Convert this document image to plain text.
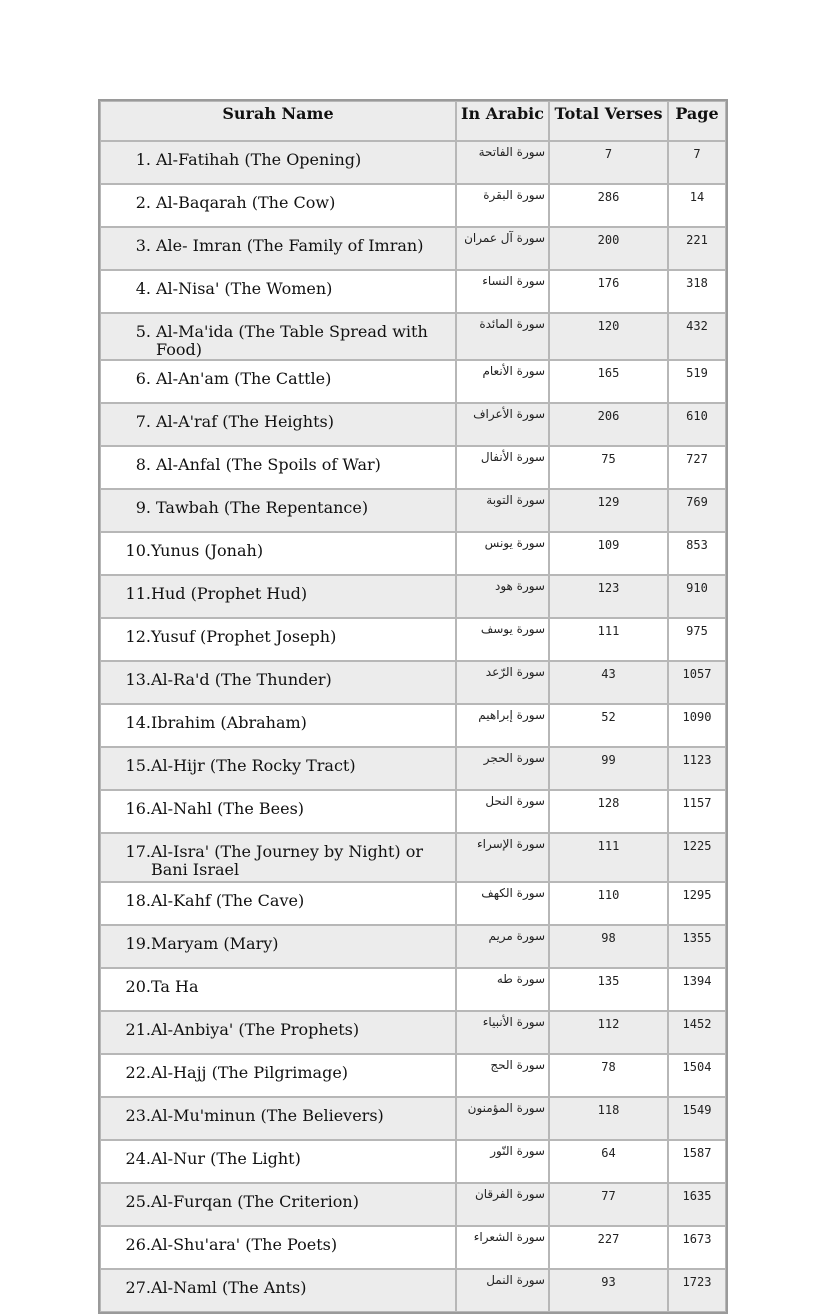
Surah Name	In Arabic	Total Verses	Page

1. Al-Fatihah (The Opening)	سورة الفاتحة	7	7

2. Al-Baqarah (The Cow)	سورة البقرة	286	14

3. Ale- Imran (The Family of Imran)	سورة آل عمران	200	221

4. Al-Nisa' (The Women)	سورة النساء	176	318

5. Al-Ma'ida (The Table Spread with Food)	سورة المائدة	120	432

6. Al-An'am (The Cattle)	سورة الأنعام	165	519

7. Al-A'raf (The Heights)	سورة الأعراف	206	610

8. Al-Anfal (The Spoils of War)	سورة الأنفال	75	727

9. Tawbah (The Repentance)	سورة التوبة	129	769

10. Yunus (Jonah)	سورة يونس	109	853

11. Hud (Prophet Hud)	سورة هود	123	910

12. Yusuf (Prophet Joseph)	سورة يوسف	111	975

13. Al-Ra'd (The Thunder)	سورة الرّعد	43	1057

14. Ibrahim (Abraham)	سورة إبراهيم	52	1090

15. Al-Hijr (The Rocky Tract)	سورة الحجر	99	1123

16. Al-Nahl (The Bees)	سورة النحل	128	1157

17. Al-Isra' (The Journey by Night) or Bani Israel	سورة الإسراء	111	1225

18. Al-Kahf (The Cave)	سورة الكهف	110	1295

19. Maryam (Mary)	سورة مريم	98	1355

20. Ta Ha	سورة طه	135	1394

21. Al-Anbiya' (The Prophets)	سورة الأنبياء	112	1452

22. Al-Hajj (The Pilgrimage)	سورة الحج	78	1504

23. Al-Mu'minun (The Believers)	سورة المؤمنون	118	1549

24. Al-Nur (The Light)	سورة النّور	64	1587

25. Al-Furqan (The Criterion)	سورة الفرقان	77	1635

26. Al-Shu'ara' (The Poets)	سورة الشعراء	227	1673

27. Al-Naml (The Ants)	سورة النمل	93	1723
